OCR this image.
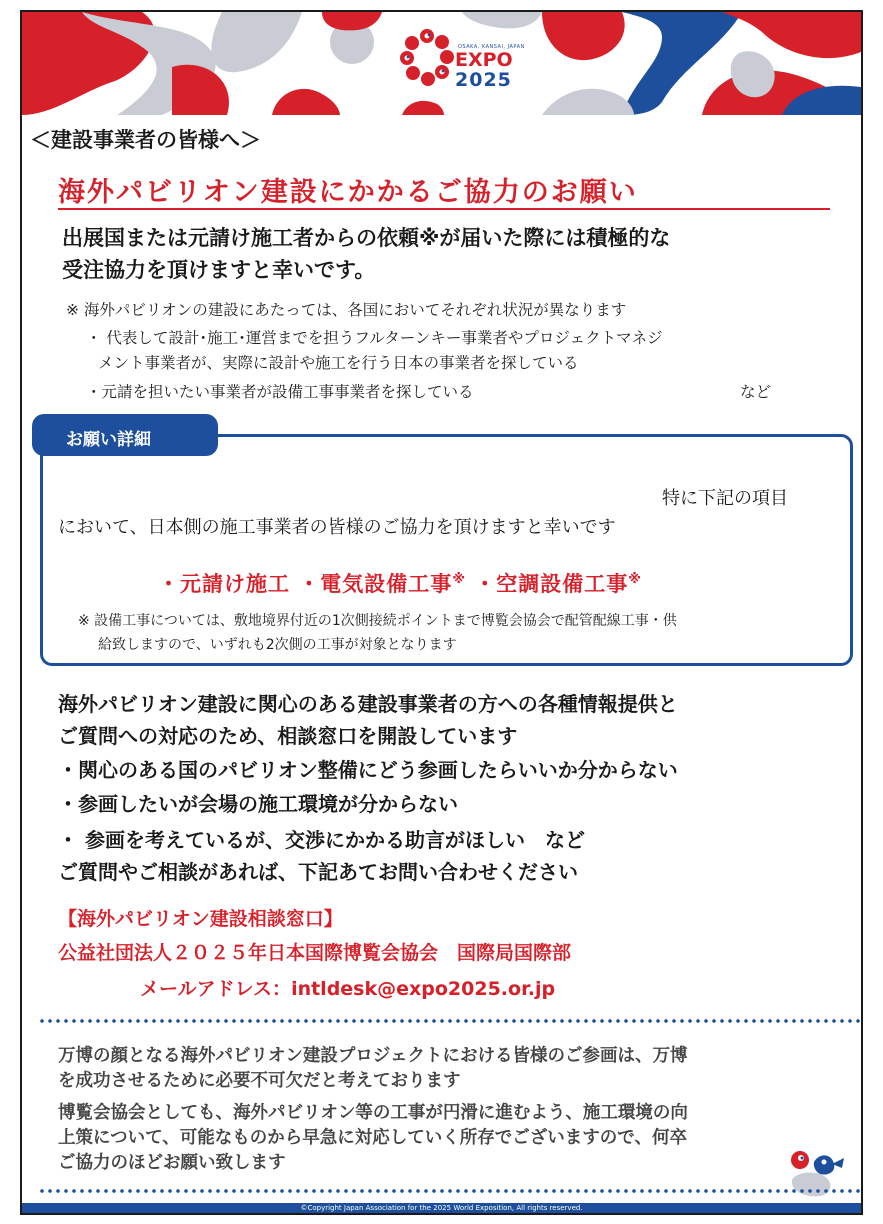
OSAKA, KANSAI, JAPAN
EXPO
2025
＜建設事業者の皆様へ＞
海外パビリオン建設にかかるご協力のお願い
出展国または元請け施工者からの依頼※が届いた際には積極的な
受注協力を頂けますと幸いです。
※ 海外パビリオンの建設にあたっては、各国においてそれぞれ状況が異なります
・ 代表して設計･施工･運営までを担うフルターンキー事業者やプロジェクトマネジ
メント事業者が、実際に設計や施工を行う日本の事業者を探している
・元請を担いたい事業者が設備工事事業者を探している	など
お願い詳細
特に下記の項目
において、日本側の施工事業者の皆様のご協力を頂けますと幸いです
・元請け施工 ・電気設備工事※ ・空調設備工事※
※ 設備工事については、敷地境界付近の1次側接続ポイントまで博覧会協会で配管配線工事・供
給致しますので、いずれも2次側の工事が対象となります
海外パビリオン建設に関心のある建設事業者の方への各種情報提供と
ご質問への対応のため、相談窓口を開設しています
・関心のある国のパビリオン整備にどう参画したらいいか分からない
・参画したいが会場の施工環境が分からない
・ 参画を考えているが、交渉にかかる助言がほしい　など
ご質問やご相談があれば、下記あてお問い合わせください
【海外パビリオン建設相談窓口】
公益社団法人２０２５年日本国際博覧会協会　国際局国際部
メールアドレス：intldesk@expo2025.or.jp
万博の顔となる海外パビリオン建設プロジェクトにおける皆様のご参画は、万博
を成功させるために必要不可欠だと考えております
博覧会協会としても、海外パビリオン等の工事が円滑に進むよう、施工環境の向
上策について、可能なものから早急に対応していく所存でございますので、何卒
ご協力のほどお願い致します
©Copyright Japan Association for the 2025 World Exposition, All rights reserved.
